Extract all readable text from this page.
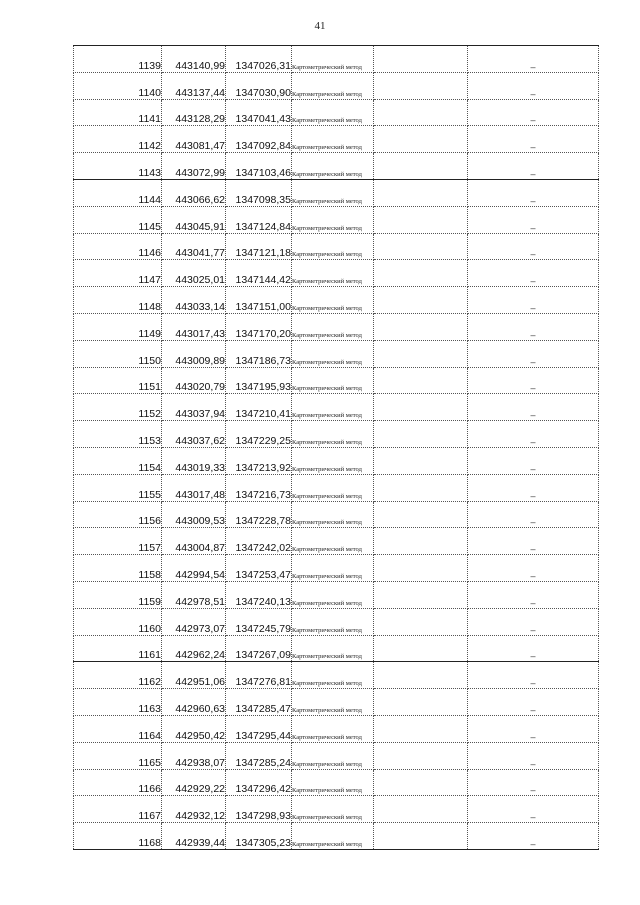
41
1139	443140,99	1347026,31	Картометрический метод		–
1140	443137,44	1347030,90	Картометрический метод		–
1141	443128,29	1347041,43	Картометрический метод		–
1142	443081,47	1347092,84	Картометрический метод		–
1143	443072,99	1347103,46	Картометрический метод		–
1144	443066,62	1347098,35	Картометрический метод		–
1145	443045,91	1347124,84	Картометрический метод		–
1146	443041,77	1347121,18	Картометрический метод		–
1147	443025,01	1347144,42	Картометрический метод		–
1148	443033,14	1347151,00	Картометрический метод		–
1149	443017,43	1347170,20	Картометрический метод		–
1150	443009,89	1347186,73	Картометрический метод		–
1151	443020,79	1347195,93	Картометрический метод		–
1152	443037,94	1347210,41	Картометрический метод		–
1153	443037,62	1347229,25	Картометрический метод		–
1154	443019,33	1347213,92	Картометрический метод		–
1155	443017,48	1347216,73	Картометрический метод		–
1156	443009,53	1347228,78	Картометрический метод		–
1157	443004,87	1347242,02	Картометрический метод		–
1158	442994,54	1347253,47	Картометрический метод		–
1159	442978,51	1347240,13	Картометрический метод		–
1160	442973,07	1347245,79	Картометрический метод		–
1161	442962,24	1347267,09	Картометрический метод		–
1162	442951,06	1347276,81	Картометрический метод		–
1163	442960,63	1347285,47	Картометрический метод		–
1164	442950,42	1347295,44	Картометрический метод		–
1165	442938,07	1347285,24	Картометрический метод		–
1166	442929,22	1347296,42	Картометрический метод		–
1167	442932,12	1347298,93	Картометрический метод		–
1168	442939,44	1347305,23	Картометрический метод		–
